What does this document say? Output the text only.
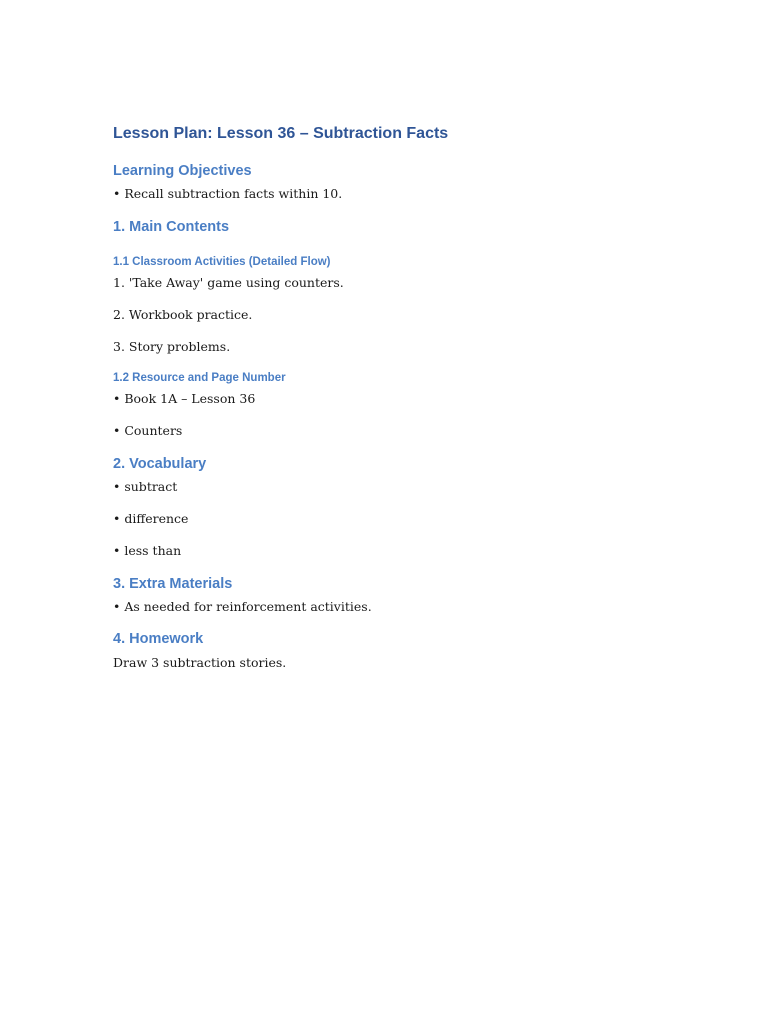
Lesson Plan: Lesson 36 – Subtraction Facts
Learning Objectives

• Recall subtraction facts within 10.

1. Main Contents
1.1 Classroom Activities (Detailed Flow)

1. 'Take Away' game using counters.

2. Workbook practice.

3. Story problems.

1.2 Resource and Page Number

• Book 1A – Lesson 36

• Counters

2. Vocabulary

• subtract

• difference

• less than

3. Extra Materials

• As needed for reinforcement activities.

4. Homework

Draw 3 subtraction stories.
